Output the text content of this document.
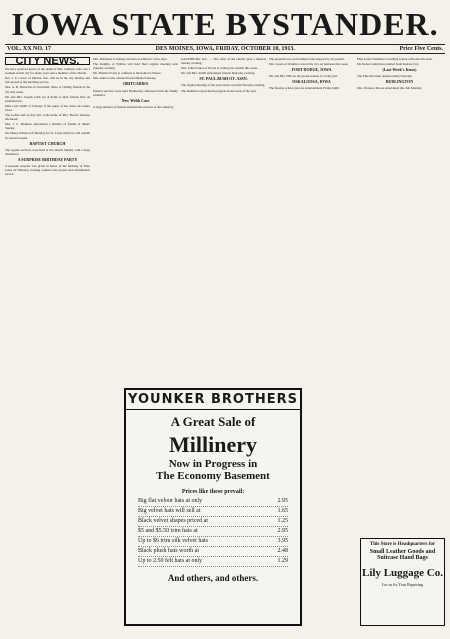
IOWA STATE BYSTANDER.
VOL. XX NO. 17	DES MOINES, IOWA, FRIDAY, OCTOBER 10, 1913.	Price Five Cents.
CITY NEWS.

We have received notice of the death of Mrs. Johnson, who was a resident of this city for many years and a member of the church.

Rev. J. P. Carver of Marion, Ind., will be in the city Sunday and will preach at the morning service.

Mrs. A. B. Bostwick of Cleveland, Ohio, is visiting friends in the city this week.

Mr. and Mrs. Joseph Clark are at home to their friends after an extended trip.

Miss Lula Smith of Chicago is the guest of her sister on Center street.

The Ladies Aid society met at the home of Mrs. Brown Tuesday afternoon.

Mrs. J. C. Madison entertained a number of friends at dinner Sunday.

Mr. Henry Walters left Monday for St. Louis where he will remain for several weeks.

BAPTIST CHURCH

The regular services were held at the church Sunday with a large attendance.

A SURPRISE BIRTHDAY PARTY

A pleasant surprise was given in honor of the birthday of Miss Jones on Thursday evening. Games were played and refreshments served.

Mrs. Robinson is visiting relatives at Albia for a few days.

The Knights of Pythias will hold their regular meeting next Tuesday evening.

Mr. Thomas Evans is confined to his home by illness.

Mrs. Anna Carter returned from Omaha Saturday.

OBITUARIES

Funeral services were held Wednesday afternoon from the family residence.

New Webb Case

A large number of friends attended the services at the cemetery.

GALESBURG, ILL. — The choir of the church gave a musical Sunday evening.

Mrs. Lillie Parker of Peoria is visiting her mother this week.

Mr. and Mrs. Smith entertained friends Thursday evening.

ST. PAUL BUSH OT. ASSN.

The regular meeting of the association was held Tuesday evening.

The members report much progress in the work of the year.

The program was well rendered and enjoyed by all present.

Mrs. Green of Ottumwa was in the city on business this week.

FORT DODGE, IOWA

Mr. and Mrs. Hill are the proud parents of a baby girl.

OSKALOOSA, IOWA

The Sunday school gave an entertainment Friday night.

Miss Jessie Williams is teaching school at Boone this term.

Mr. Robert Allen has returned from Kansas City.

(Last Week's Items)

The Elks held their annual outing Saturday.

BURLINGTON

Mrs. Florence Moore entertained the club Monday.

YOUNKER BROTHERS
A Great Sale of
Millinery
Now in Progress in
The Economy Basement
Prices like these prevail:
Big flat velour hats at only	2.95
Big velvet hats will sell at	1.65
Black velvet shapes priced at	1.25
$5 and $5.50 trim hats at	2.95
Up to $6 trim silk velvet hats	3.95
Black plush hats worth at	2.48
Up to 2.50 felt hats at only	1.29
And others, and others.
This Store is Headquarters for
Small Leather Goods and Suitcase Hand Bags
Lily Luggage Co.
Let us fix Your Repairing
